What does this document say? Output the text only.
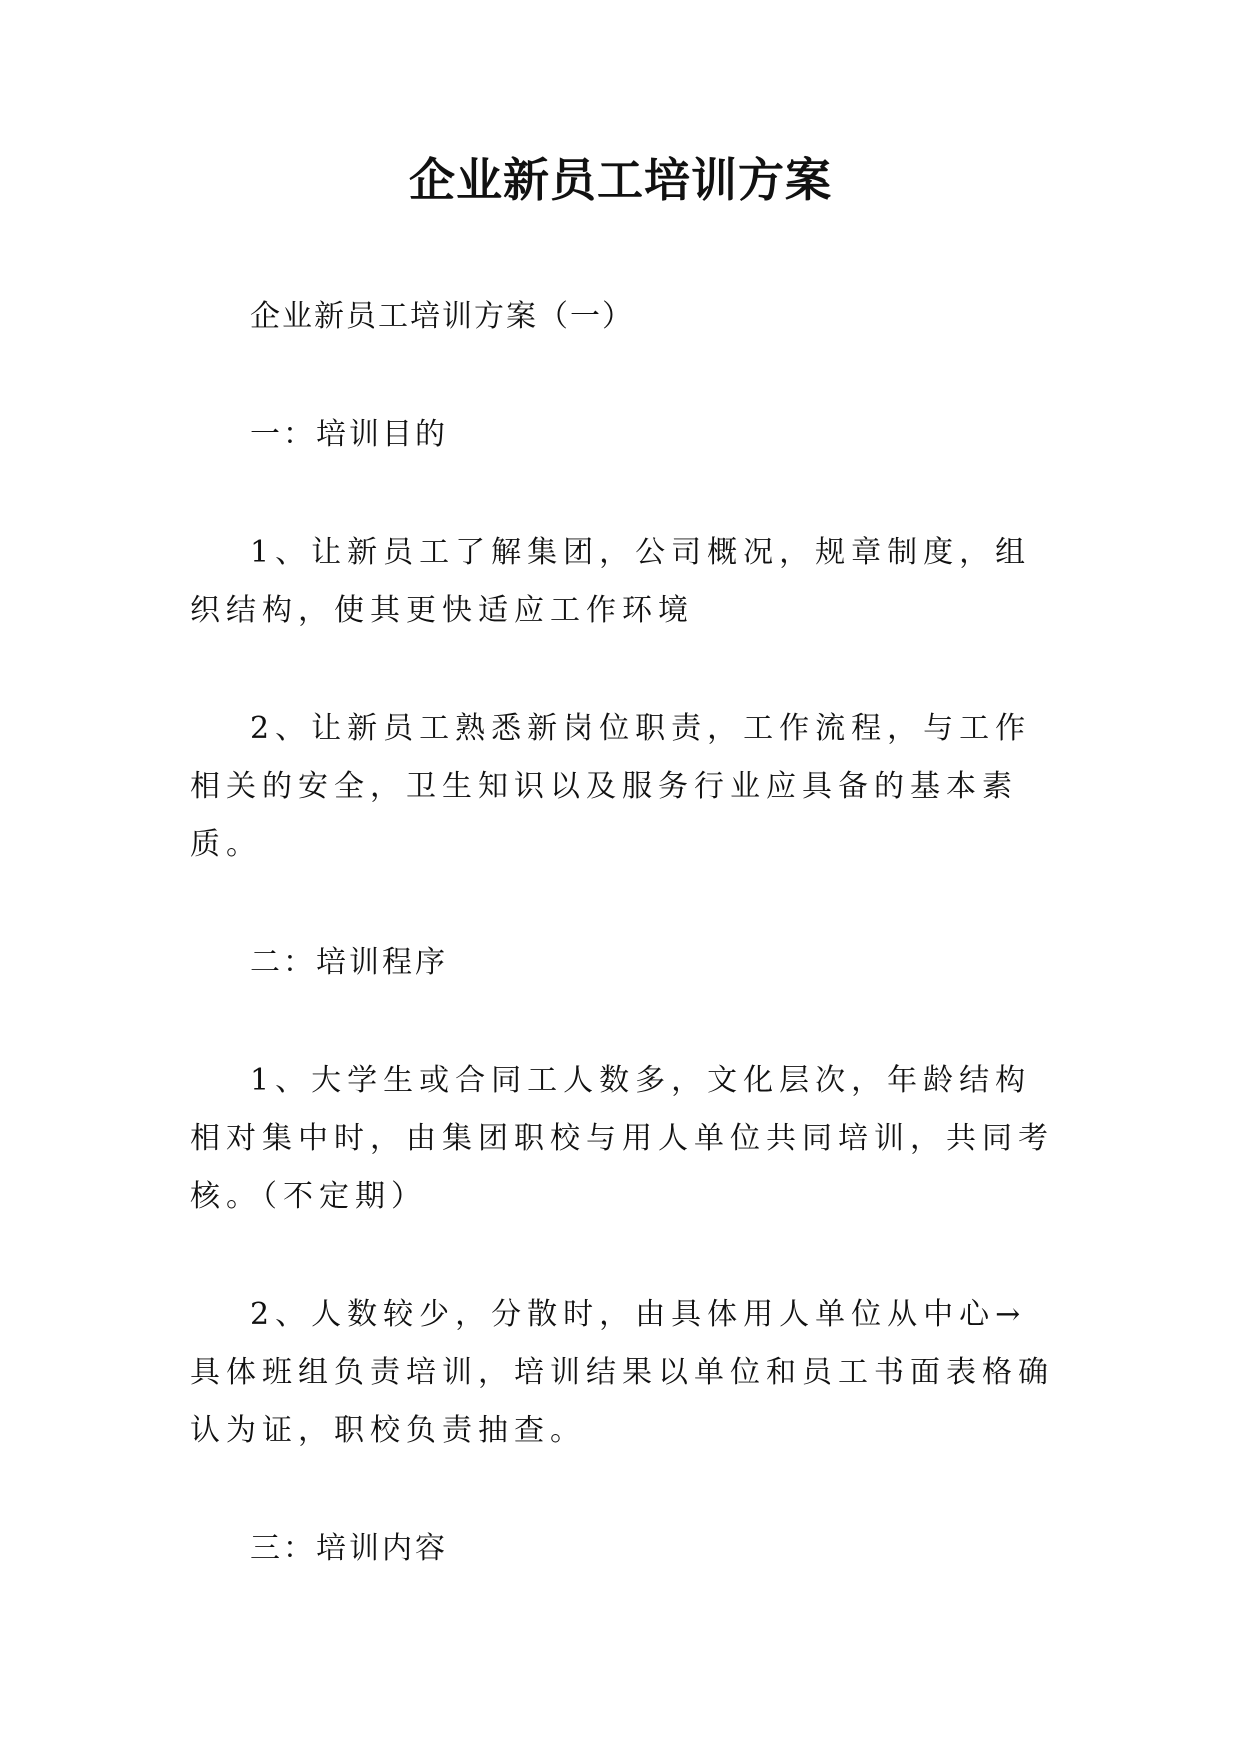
企业新员工培训方案

企业新员工培训方案（一）

一：培训目的

1、让新员工了解集团，公司概况，规章制度，组织结构，使其更快适应工作环境

2、让新员工熟悉新岗位职责，工作流程，与工作相关的安全，卫生知识以及服务行业应具备的基本素质。

二：培训程序

1、大学生或合同工人数多，文化层次，年龄结构相对集中时，由集团职校与用人单位共同培训，共同考核。（不定期）

2、人数较少，分散时，由具体用人单位从中心→具体班组负责培训，培训结果以单位和员工书面表格确认为证，职校负责抽查。

三：培训内容
